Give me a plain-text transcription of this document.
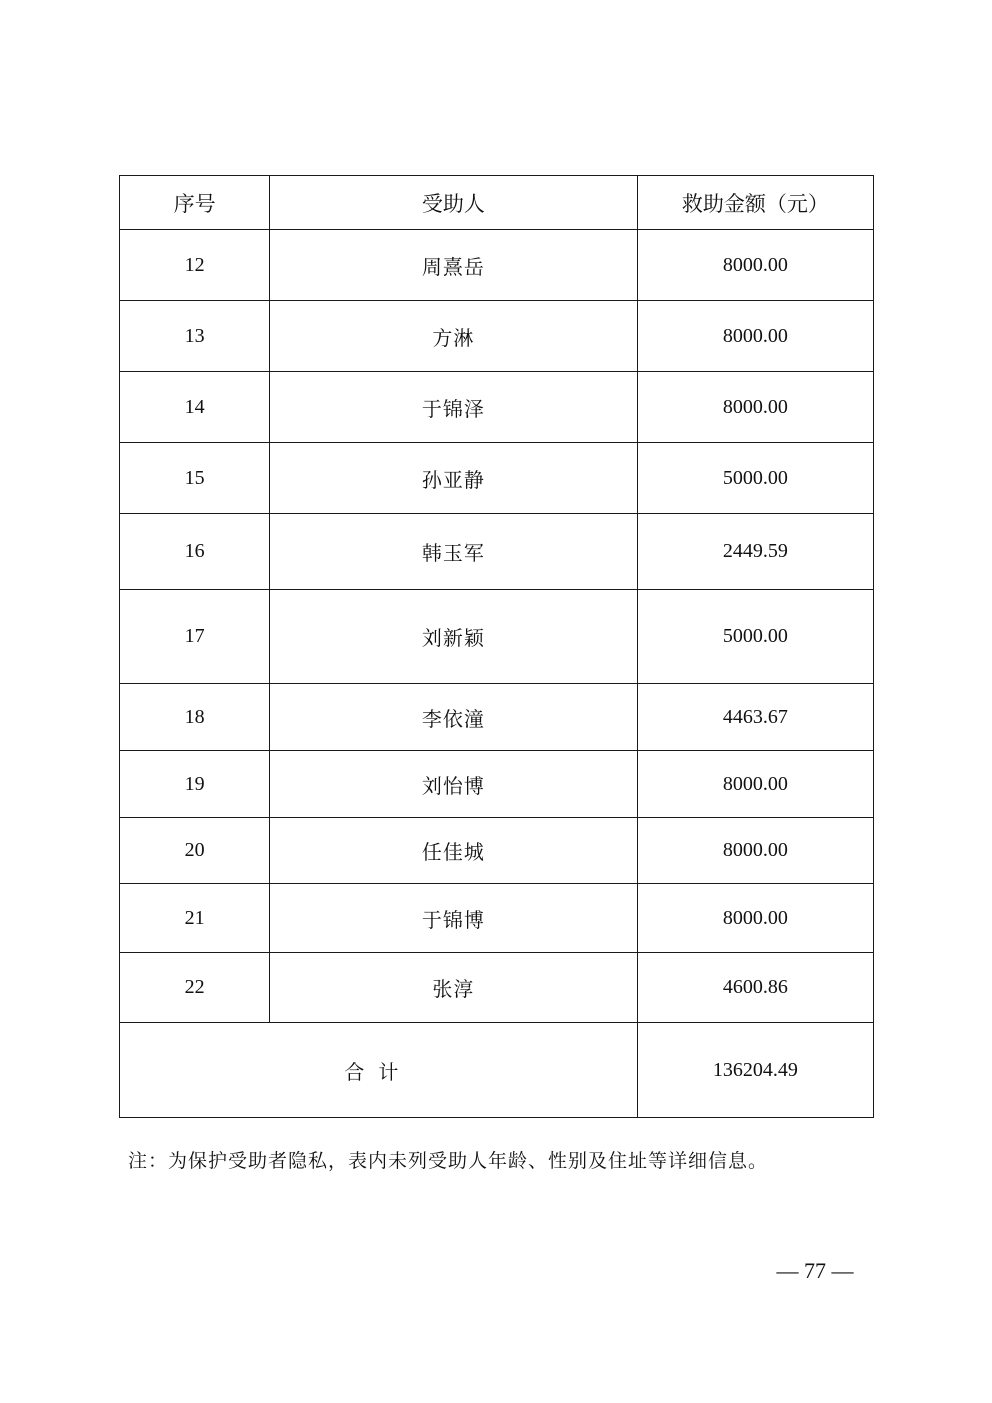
序号	受助人	救助金额（元）
12	周熹岳	8000.00
13	方淋	8000.00
14	于锦泽	8000.00
15	孙亚静	5000.00
16	韩玉军	2449.59
17	刘新颖	5000.00
18	李依潼	4463.67
19	刘怡博	8000.00
20	任佳城	8000.00
21	于锦博	8000.00
22	张淳	4600.86
合计		136204.49
注：为保护受助者隐私，表内未列受助人年龄、性别及住址等详细信息。
— 77 —
